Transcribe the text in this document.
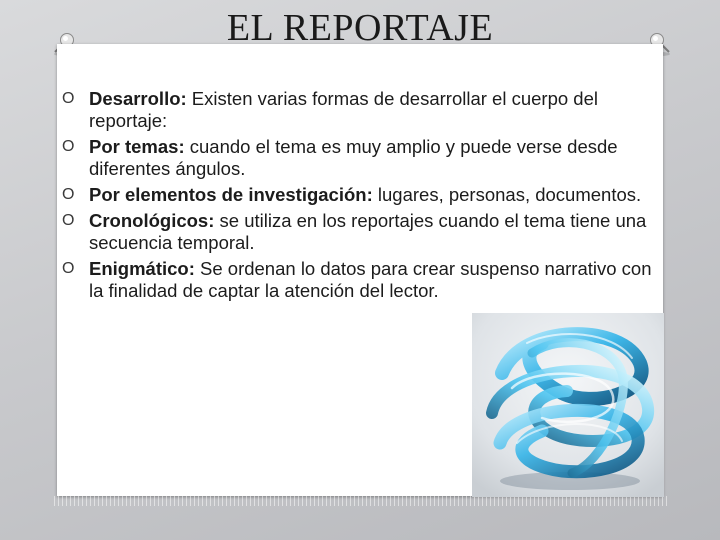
EL REPORTAJE
O Desarrollo: Existen varias formas de desarrollar el cuerpo del reportaje:
O Por temas: cuando el tema es muy amplio y puede verse desde diferentes ángulos.
O Por elementos de investigación: lugares, personas, documentos.
O Cronológicos: se utiliza en los reportajes cuando el tema tiene una secuencia temporal.
O Enigmático: Se ordenan lo datos para crear suspenso narrativo con la finalidad de captar la atención del lector.
